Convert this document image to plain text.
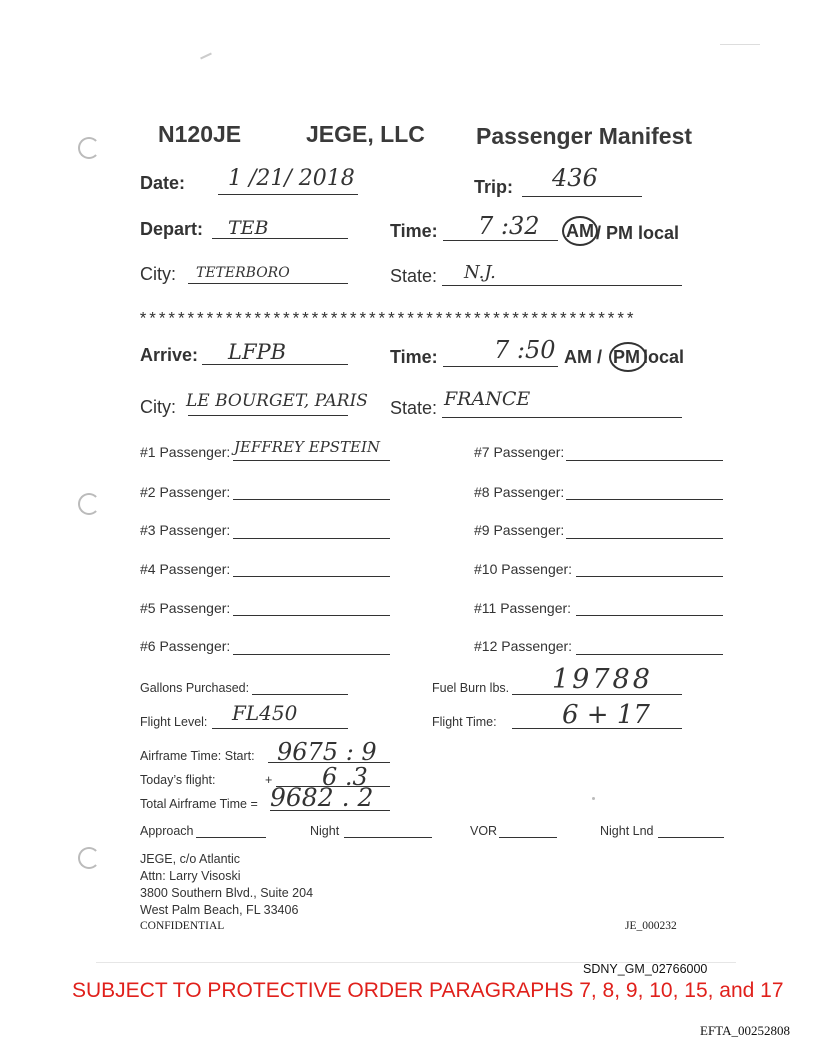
N120JE	JEGE, LLC Passenger Manifest
Date: 1 /21/ 2018	Trip: 436
Depart: TEB	Time: 7 :32 AM / PM local
City: TETERBORO	State: N.J.
****************************************************
Arrive: LFPB	Time: 7 :50 AM / PM local
City: LE BOURGET, PARIS State: FRANCE
#1 Passenger: JEFFREY EPSTEIN
#2 Passenger:
#3 Passenger:
#4 Passenger:
#5 Passenger:
#6 Passenger:
#7 Passenger:
#8 Passenger:
#9 Passenger:
#10 Passenger:
#11 Passenger:
#12 Passenger:
Gallons Purchased:	Fuel Burn lbs. 19788
Flight Level: FL450	Flight Time:	6 + 17
Airframe Time: Start: 9675 : 9
Today’s flight:	+ 6 .3
Total Airframe Time = 9682 . 2
Approach	Night	VOR	Night Lnd
JEGE, c/o Atlantic
Attn: Larry Visoski
3800 Southern Blvd., Suite 204
West Palm Beach, FL 33406
CONFIDENTIAL	JE_000232
SDNY_GM_02766000
SUBJECT TO PROTECTIVE ORDER PARAGRAPHS 7, 8, 9, 10, 15, and 17
EFTA_00252808
